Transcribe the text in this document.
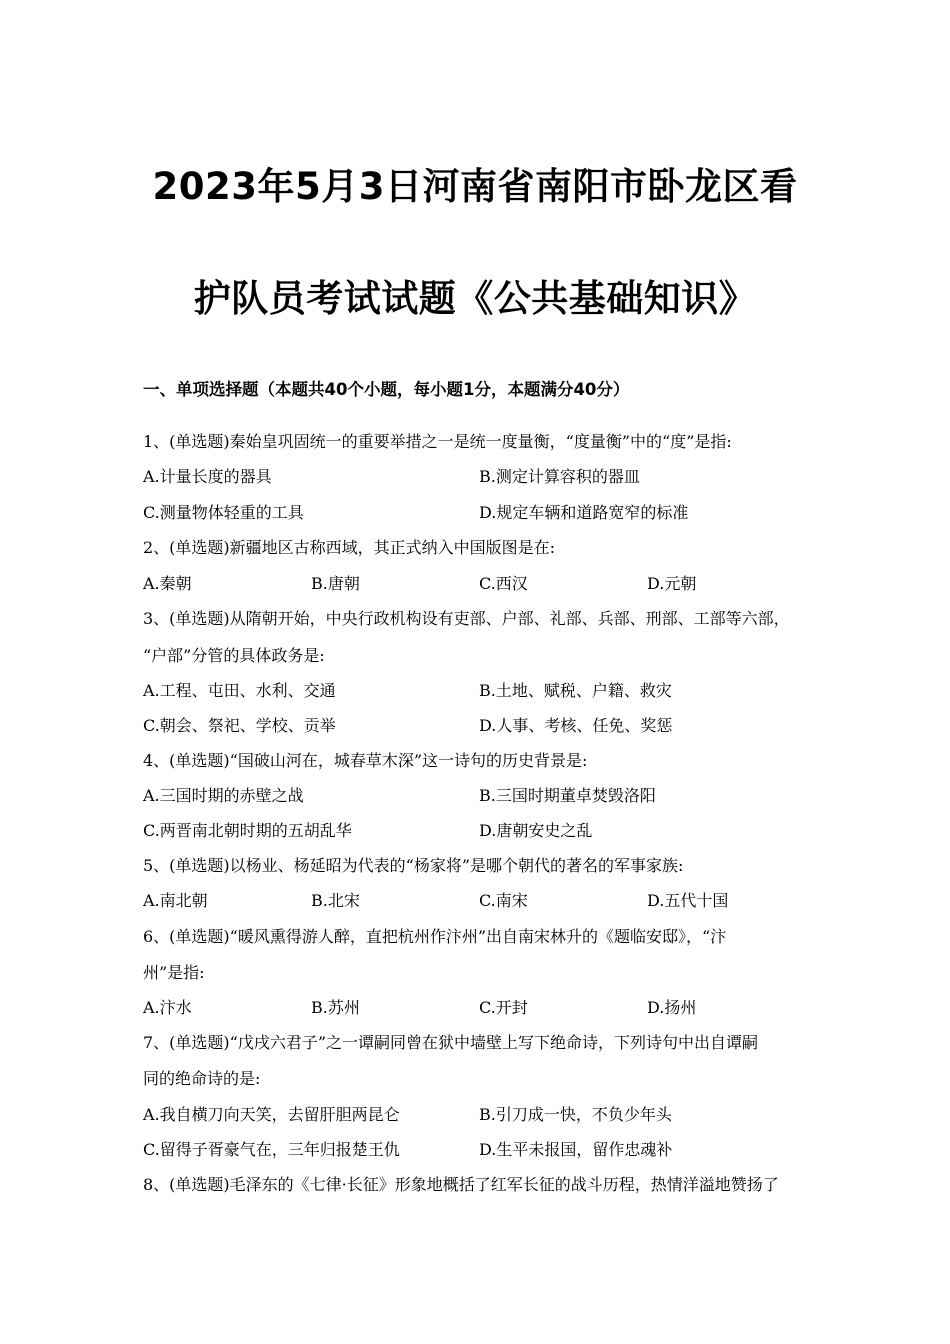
2023年5月3日河南省南阳市卧龙区看
护队员考试试题《公共基础知识》
一、单项选择题（本题共40个小题，每小题1分，本题满分40分）
1、(单选题)秦始皇巩固统一的重要举措之一是统一度量衡，“度量衡”中的“度”是指:
A.计量长度的器具	B.测定计算容积的器皿
C.测量物体轻重的工具	D.规定车辆和道路宽窄的标准
2、(单选题)新疆地区古称西域，其正式纳入中国版图是在:
A.秦朝	B.唐朝	C.西汉	D.元朝
3、(单选题)从隋朝开始，中央行政机构设有吏部、户部、礼部、兵部、刑部、工部等六部，
“户部”分管的具体政务是:
A.工程、屯田、水利、交通	B.土地、赋税、户籍、救灾
C.朝会、祭祀、学校、贡举	D.人事、考核、任免、奖惩
4、(单选题)“国破山河在，城春草木深”这一诗句的历史背景是:
A.三国时期的赤壁之战	B.三国时期董卓焚毁洛阳
C.两晋南北朝时期的五胡乱华	D.唐朝安史之乱
5、(单选题)以杨业、杨延昭为代表的“杨家将”是哪个朝代的著名的军事家族:
A.南北朝	B.北宋	C.南宋	D.五代十国
6、(单选题)“暖风熏得游人醉，直把杭州作汴州”出自南宋林升的《题临安邸》，“汴
州”是指:
A.汴水	B.苏州	C.开封	D.扬州
7、(单选题)“戊戌六君子”之一谭嗣同曾在狱中墙壁上写下绝命诗，下列诗句中出自谭嗣
同的绝命诗的是:
A.我自横刀向天笑，去留肝胆两昆仑	B.引刀成一快，不负少年头
C.留得子胥豪气在，三年归报楚王仇	D.生平未报国，留作忠魂补
8、(单选题)毛泽东的《七律·长征》形象地概括了红军长征的战斗历程，热情洋溢地赞扬了
